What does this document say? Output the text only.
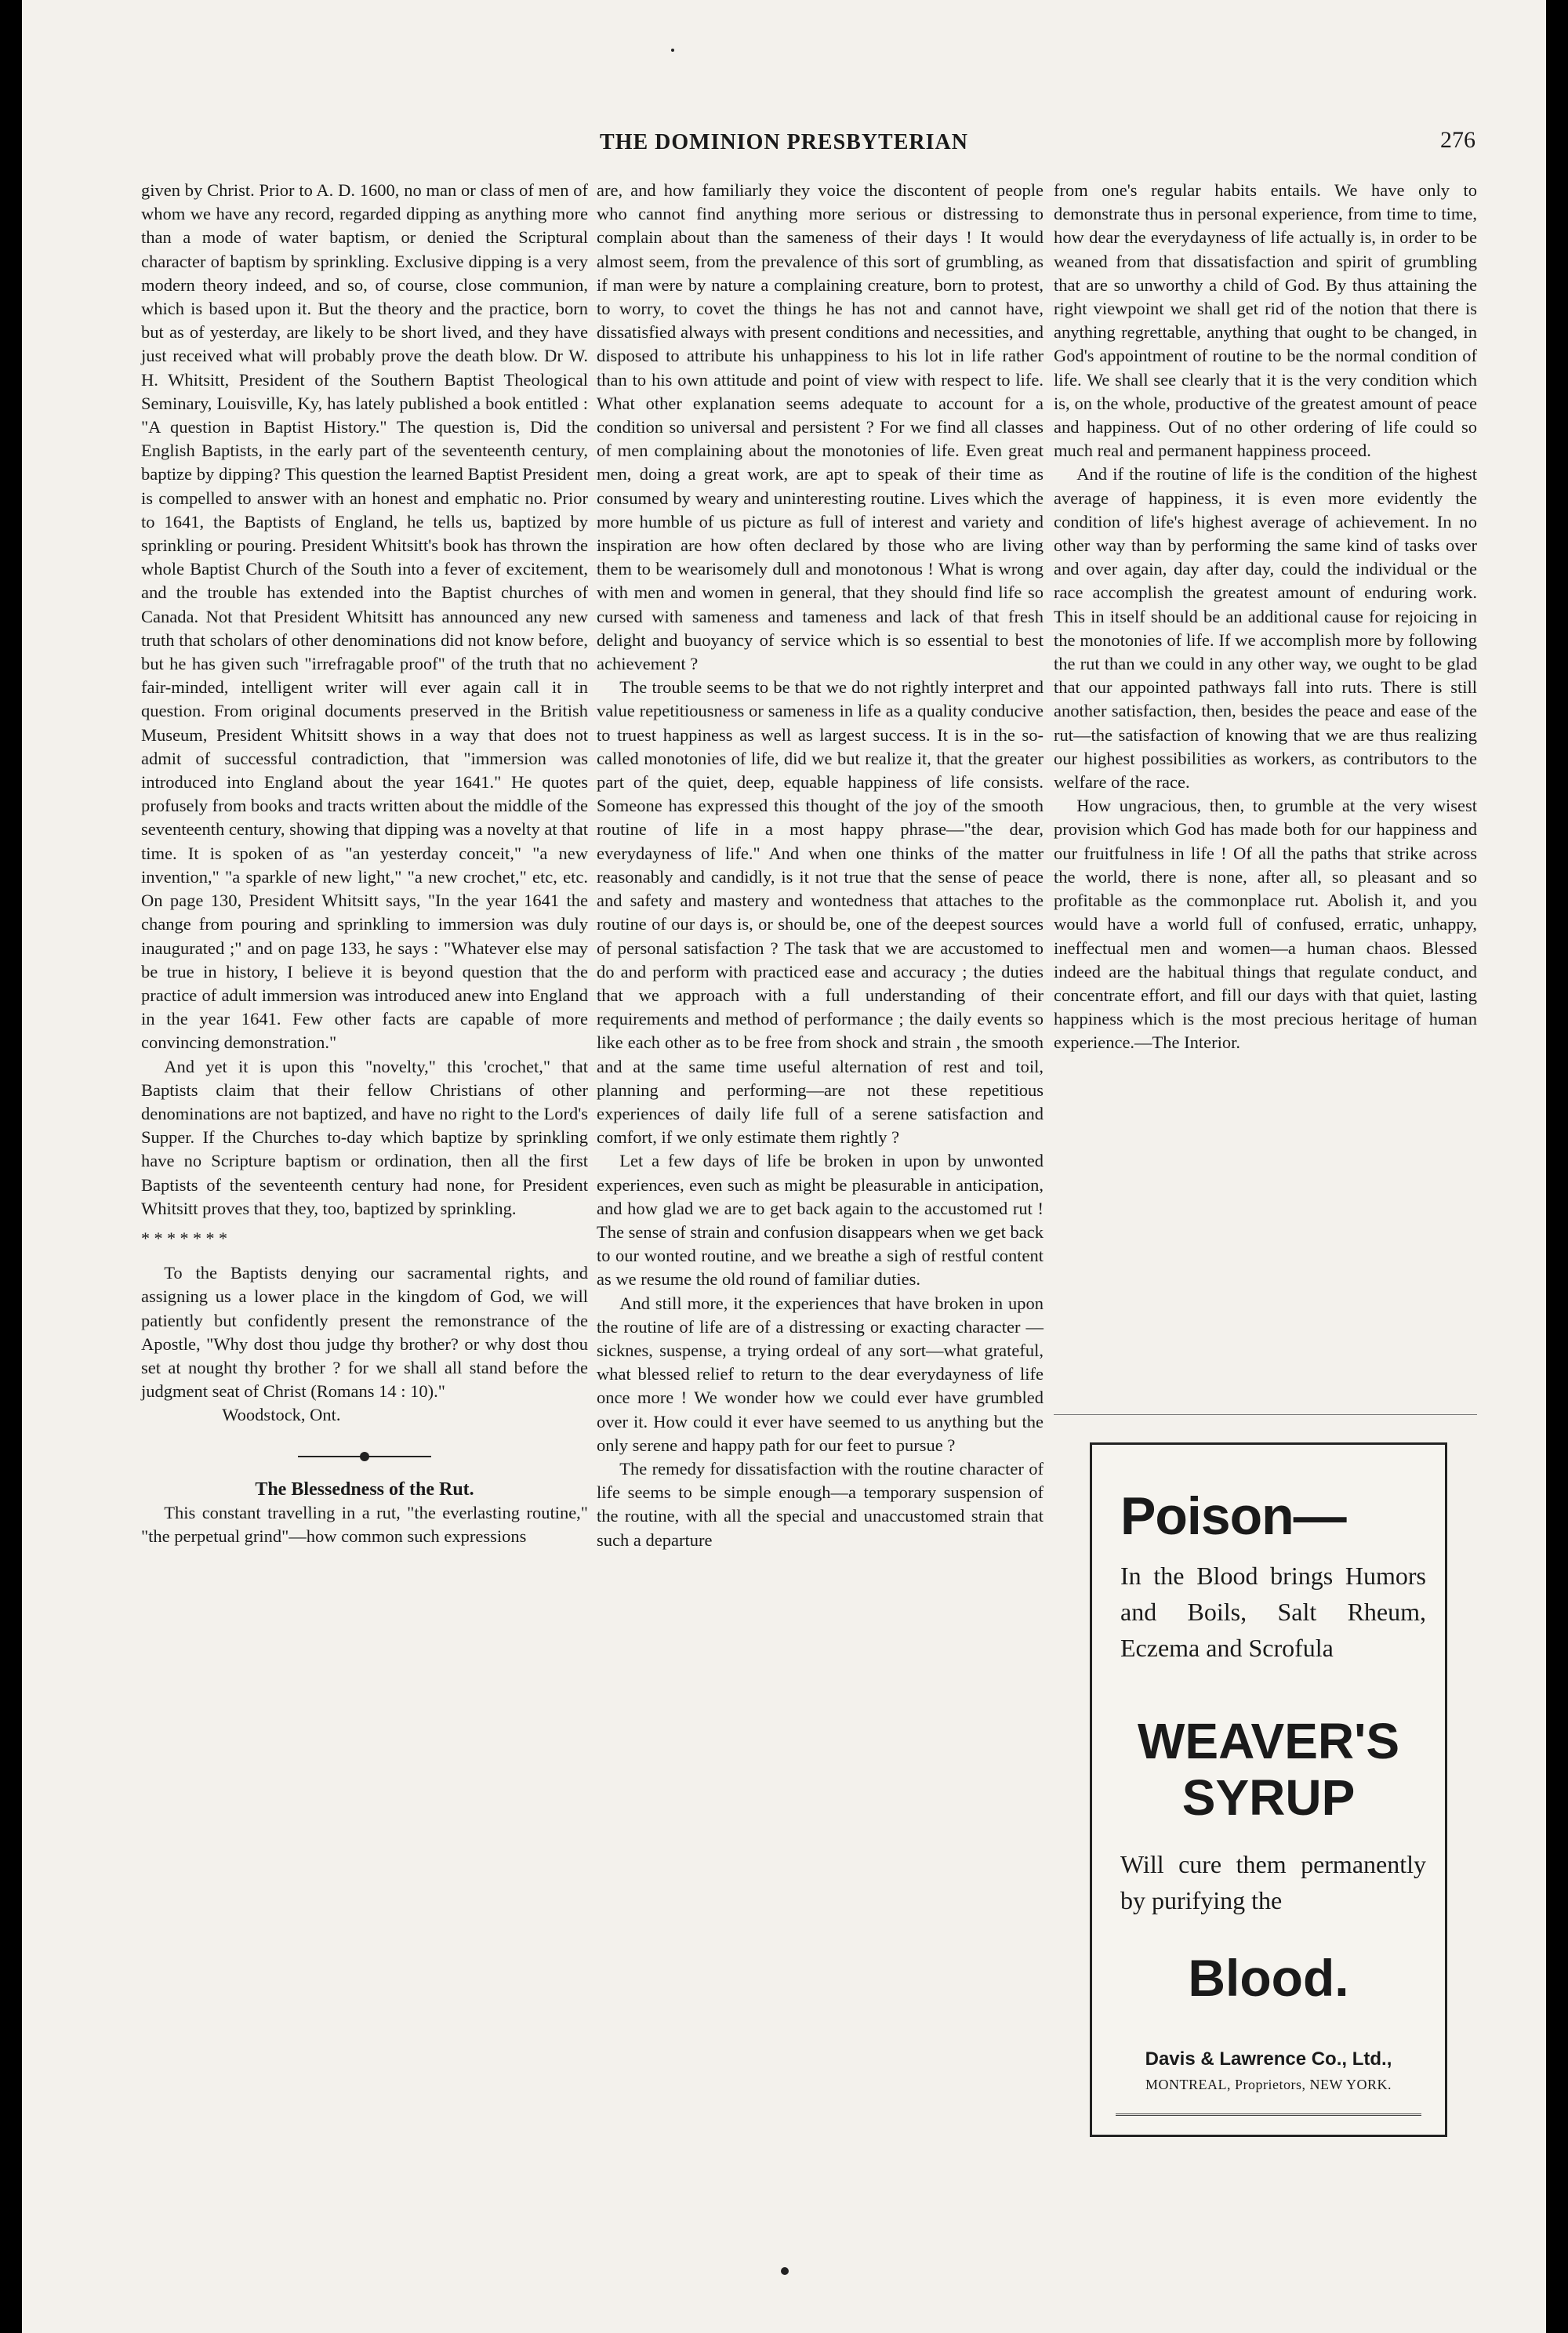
THE DOMINION PRESBYTERIAN	276

given by Christ. Prior to A. D. 1600, no man or class of men of whom we have any record, regarded dipping as anything more than a mode of water baptism, or denied the Scriptural character of baptism by sprinkling. Exclusive dipping is a very modern theory indeed, and so, of course, close communion, which is based upon it. But the theory and the practice, born but as of yesterday, are likely to be short lived, and they have just received what will probably prove the death blow. Dr W. H. Whitsitt, President of the Southern Baptist Theological Seminary, Louisville, Ky, has lately published a book entitled : "A question in Baptist History." The question is, Did the English Baptists, in the early part of the seventeenth century, baptize by dipping? This question the learned Baptist President is compelled to answer with an honest and emphatic no. Prior to 1641, the Baptists of England, he tells us, baptized by sprinkling or pouring. President Whitsitt's book has thrown the whole Baptist Church of the South into a fever of excitement, and the trouble has extended into the Baptist churches of Canada. Not that President Whitsitt has announced any new truth that scholars of other denominations did not know before, but he has given such "irrefragable proof" of the truth that no fair-minded, intelligent writer will ever again call it in question. From original documents preserved in the British Museum, President Whitsitt shows in a way that does not admit of successful contradiction, that "immersion was introduced into England about the year 1641." He quotes profusely from books and tracts written about the middle of the seventeenth century, showing that dipping was a novelty at that time. It is spoken of as "an yesterday conceit," "a new invention," "a sparkle of new light," "a new crochet," etc, etc. On page 130, President Whitsitt says, "In the year 1641 the change from pouring and sprinkling to immersion was duly inaugurated ;" and on page 133, he says : "Whatever else may be true in history, I believe it is beyond question that the practice of adult immersion was introduced anew into England in the year 1641. Few other facts are capable of more convincing demonstration."

And yet it is upon this "novelty," this 'crochet," that Baptists claim that their fellow Christians of other denominations are not baptized, and have no right to the Lord's Supper. If the Churches to-day which baptize by sprinkling have no Scripture baptism or ordination, then all the first Baptists of the seventeenth century had none, for President Whitsitt proves that they, too, baptized by sprinkling.

* * * * * * *

To the Baptists denying our sacramental rights, and assigning us a lower place in the kingdom of God, we will patiently but confidently present the remonstrance of the Apostle, "Why dost thou judge thy brother? or why dost thou set at nought thy brother ? for we shall all stand before the judgment seat of Christ (Romans 14 : 10)."

Woodstock, Ont.

The Blessedness of the Rut.

This constant travelling in a rut, "the everlasting routine," "the perpetual grind"—how common such expressions

are, and how familiarly they voice the discontent of people who cannot find anything more serious or distressing to complain about than the sameness of their days ! It would almost seem, from the prevalence of this sort of grumbling, as if man were by nature a complaining creature, born to protest, to worry, to covet the things he has not and cannot have, dissatisfied always with present conditions and necessities, and disposed to attribute his unhappiness to his lot in life rather than to his own attitude and point of view with respect to life. What other explanation seems adequate to account for a condition so universal and persistent ? For we find all classes of men complaining about the monotonies of life. Even great men, doing a great work, are apt to speak of their time as consumed by weary and uninteresting routine. Lives which the more humble of us picture as full of interest and variety and inspiration are how often declared by those who are living them to be wearisomely dull and monotonous ! What is wrong with men and women in general, that they should find life so cursed with sameness and tameness and lack of that fresh delight and buoyancy of service which is so essential to best achievement ?

The trouble seems to be that we do not rightly interpret and value repetitiousness or sameness in life as a quality conducive to truest happiness as well as largest success. It is in the so-called monotonies of life, did we but realize it, that the greater part of the quiet, deep, equable happiness of life consists. Someone has expressed this thought of the joy of the smooth routine of life in a most happy phrase—"the dear, everydayness of life." And when one thinks of the matter reasonably and candidly, is it not true that the sense of peace and safety and mastery and wontedness that attaches to the routine of our days is, or should be, one of the deepest sources of personal satisfaction ? The task that we are accustomed to do and perform with practiced ease and accuracy ; the duties that we approach with a full understanding of their requirements and method of performance ; the daily events so like each other as to be free from shock and strain , the smooth and at the same time useful alternation of rest and toil, planning and performing—are not these repetitious experiences of daily life full of a serene satisfaction and comfort, if we only estimate them rightly ?

Let a few days of life be broken in upon by unwonted experiences, even such as might be pleasurable in anticipation, and how glad we are to get back again to the accustomed rut ! The sense of strain and confusion disappears when we get back to our wonted routine, and we breathe a sigh of restful content as we resume the old round of familiar duties.

And still more, it the experiences that have broken in upon the routine of life are of a distressing or exacting character —sicknes, suspense, a trying ordeal of any sort—what grateful, what blessed relief to return to the dear everydayness of life once more ! We wonder how we could ever have grumbled over it. How could it ever have seemed to us anything but the only serene and happy path for our feet to pursue ?

The remedy for dissatisfaction with the routine character of life seems to be simple enough—a temporary suspension of the routine, with all the special and unaccustomed strain that such a departure

from one's regular habits entails. We have only to demonstrate thus in personal experience, from time to time, how dear the everydayness of life actually is, in order to be weaned from that dissatisfaction and spirit of grumbling that are so unworthy a child of God. By thus attaining the right viewpoint we shall get rid of the notion that there is anything regrettable, anything that ought to be changed, in God's appointment of routine to be the normal condition of life. We shall see clearly that it is the very condition which is, on the whole, productive of the greatest amount of peace and happiness. Out of no other ordering of life could so much real and permanent happiness proceed.

And if the routine of life is the condition of the highest average of happiness, it is even more evidently the condition of life's highest average of achievement. In no other way than by performing the same kind of tasks over and over again, day after day, could the individual or the race accomplish the greatest amount of enduring work. This in itself should be an additional cause for rejoicing in the monotonies of life. If we accomplish more by following the rut than we could in any other way, we ought to be glad that our appointed pathways fall into ruts. There is still another satisfaction, then, besides the peace and ease of the rut—the satisfaction of knowing that we are thus realizing our highest possibilities as workers, as contributors to the welfare of the race.

How ungracious, then, to grumble at the very wisest provision which God has made both for our happiness and our fruitfulness in life ! Of all the paths that strike across the world, there is none, after all, so pleasant and so profitable as the commonplace rut. Abolish it, and you would have a world full of confused, erratic, unhappy, ineffectual men and women—a human chaos. Blessed indeed are the habitual things that regulate conduct, and concentrate effort, and fill our days with that quiet, lasting happiness which is the most precious heritage of human experience.—The Interior.

Poison—
In the Blood brings Humors and Boils, Salt Rheum, Eczema and Scrofula
WEAVER'S
SYRUP
Will cure them permanently by purifying the
Blood.
Davis & Lawrence Co., Ltd.,
MONTREAL, Proprietors, NEW YORK.
